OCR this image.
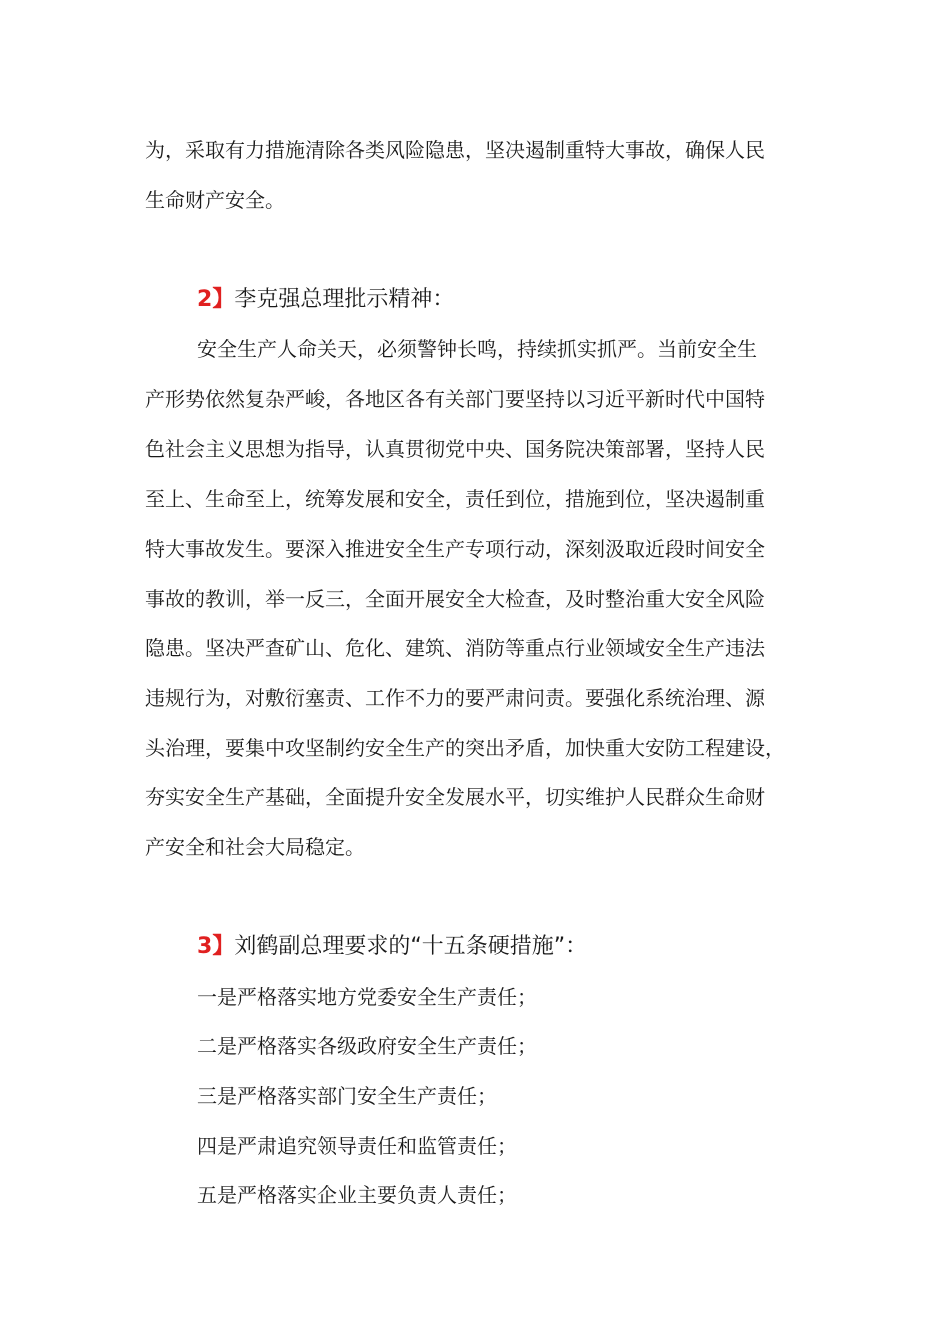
为，采取有力措施清除各类风险隐患，坚决遏制重特大事故，确保人民
生命财产安全。
2】李克强总理批示精神：
安全生产人命关天，必须警钟长鸣，持续抓实抓严。当前安全生
产形势依然复杂严峻，各地区各有关部门要坚持以习近平新时代中国特
色社会主义思想为指导，认真贯彻党中央、国务院决策部署，坚持人民
至上、生命至上，统筹发展和安全，责任到位，措施到位，坚决遏制重
特大事故发生。要深入推进安全生产专项行动，深刻汲取近段时间安全
事故的教训，举一反三，全面开展安全大检查，及时整治重大安全风险
隐患。坚决严查矿山、危化、建筑、消防等重点行业领域安全生产违法
违规行为，对敷衍塞责、工作不力的要严肃问责。要强化系统治理、源
头治理，要集中攻坚制约安全生产的突出矛盾，加快重大安防工程建设，
夯实安全生产基础，全面提升安全发展水平，切实维护人民群众生命财
产安全和社会大局稳定。
3】刘鹤副总理要求的“十五条硬措施”：
一是严格落实地方党委安全生产责任；
二是严格落实各级政府安全生产责任；
三是严格落实部门安全生产责任；
四是严肃追究领导责任和监管责任；
五是严格落实企业主要负责人责任；
